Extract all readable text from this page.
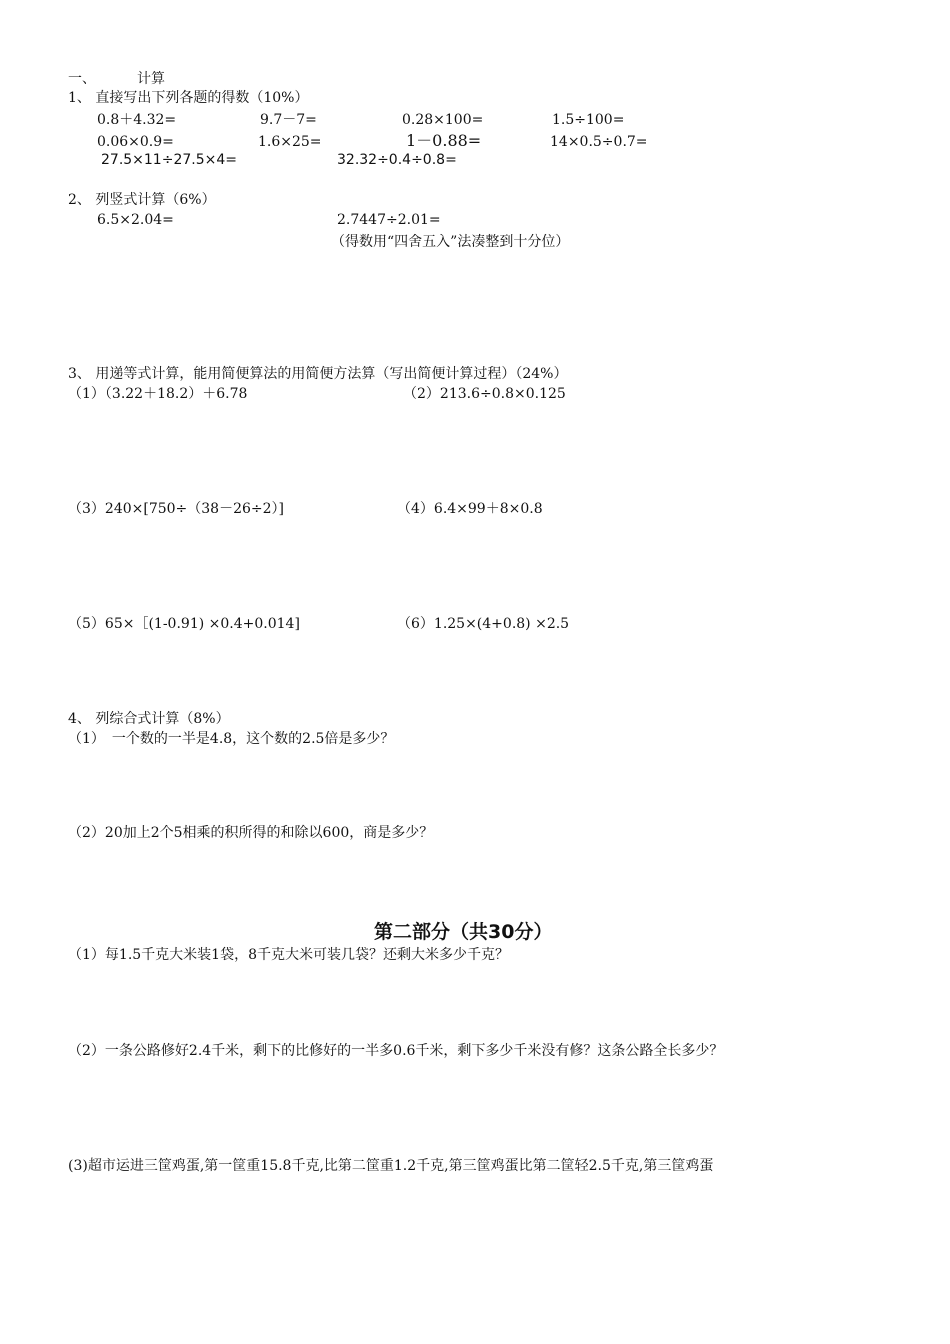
一、	计算
1、 直接写出下列各题的得数（10%）
0.8＋4.32=	9.7－7=	0.28×100=	1.5÷100=
0.06×0.9=	1.6×25=	1－0.88=	14×0.5÷0.7=
27.5×11÷27.5×4=	32.32÷0.4÷0.8=
2、 列竖式计算（6%）
6.5×2.04=	2.7447÷2.01=
（得数用“四舍五入”法凑整到十分位）
3、 用递等式计算，能用简便算法的用简便方法算（写出简便计算过程）（24%）
（1）（3.22＋18.2）＋6.78	（2）213.6÷0.8×0.125
（3）240×[750÷（38－26÷2）]	（4）6.4×99＋8×0.8
（5）65×［(1-0.91) ×0.4+0.014]	（6）1.25×(4+0.8) ×2.5
4、 列综合式计算（8%）
（1）　一个数的一半是4.8，这个数的2.5倍是多少？
（2）20加上2个5相乘的积所得的和除以600，商是多少？
第二部分（共30分）
（1）每1.5千克大米装1袋，8千克大米可装几袋？还剩大米多少千克？
（2）一条公路修好2.4千米，剩下的比修好的一半多0.6千米，剩下多少千米没有修？这条公路全长多少？
(3)超市运进三筐鸡蛋,第一筐重15.8千克,比第二筐重1.2千克,第三筐鸡蛋比第二筐轻2.5千克,第三筐鸡蛋
